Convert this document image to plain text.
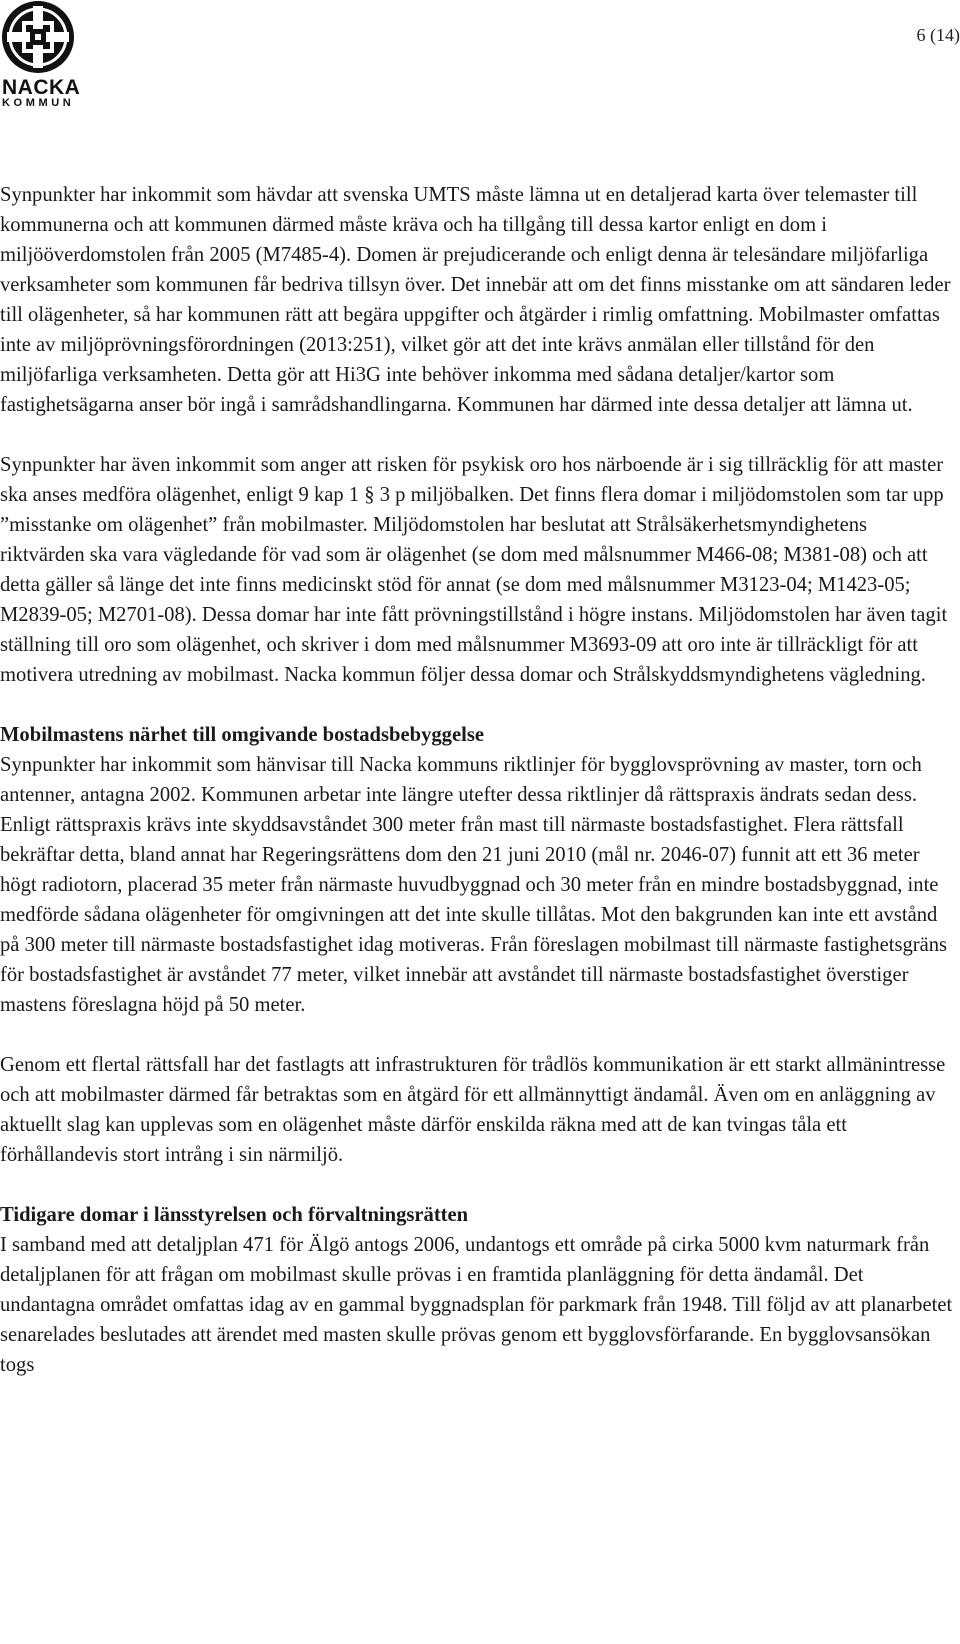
NACKA
KOMMUN
6 (14)

Synpunkter har inkommit som hävdar att svenska UMTS måste lämna ut en detaljerad karta över telemaster till kommunerna och att kommunen därmed måste kräva och ha tillgång till dessa kartor enligt en dom i miljööverdomstolen från 2005 (M7485-4). Domen är prejudicerande och enligt denna är telesändare miljöfarliga verksamheter som kommunen får bedriva tillsyn över. Det innebär att om det finns misstanke om att sändaren leder till olägenheter, så har kommunen rätt att begära uppgifter och åtgärder i rimlig omfattning. Mobilmaster omfattas inte av miljöprövningsförordningen (2013:251), vilket gör att det inte krävs anmälan eller tillstånd för den miljöfarliga verksamheten. Detta gör att Hi3G inte behöver inkomma med sådana detaljer/kartor som fastighetsägarna anser bör ingå i samrådshandlingarna. Kommunen har därmed inte dessa detaljer att lämna ut.

Synpunkter har även inkommit som anger att risken för psykisk oro hos närboende är i sig tillräcklig för att master ska anses medföra olägenhet, enligt 9 kap 1 § 3 p miljöbalken. Det finns flera domar i miljödomstolen som tar upp ”misstanke om olägenhet” från mobilmaster. Miljödomstolen har beslutat att Strålsäkerhetsmyndighetens riktvärden ska vara vägledande för vad som är olägenhet (se dom med målsnummer M466-08; M381-08) och att detta gäller så länge det inte finns medicinskt stöd för annat (se dom med målsnummer M3123-04; M1423-05; M2839-05; M2701-08). Dessa domar har inte fått prövningstillstånd i högre instans. Miljödomstolen har även tagit ställning till oro som olägenhet, och skriver i dom med målsnummer M3693-09 att oro inte är tillräckligt för att motivera utredning av mobilmast. Nacka kommun följer dessa domar och Strålskyddsmyndighetens vägledning.

Mobilmastens närhet till omgivande bostadsbebyggelse

Synpunkter har inkommit som hänvisar till Nacka kommuns riktlinjer för bygglovsprövning av master, torn och antenner, antagna 2002. Kommunen arbetar inte längre utefter dessa riktlinjer då rättspraxis ändrats sedan dess. Enligt rättspraxis krävs inte skyddsavståndet 300 meter från mast till närmaste bostadsfastighet. Flera rättsfall bekräftar detta, bland annat har Regeringsrättens dom den 21 juni 2010 (mål nr. 2046-07) funnit att ett 36 meter högt radiotorn, placerad 35 meter från närmaste huvudbyggnad och 30 meter från en mindre bostadsbyggnad, inte medförde sådana olägenheter för omgivningen att det inte skulle tillåtas. Mot den bakgrunden kan inte ett avstånd på 300 meter till närmaste bostadsfastighet idag motiveras. Från föreslagen mobilmast till närmaste fastighetsgräns för bostadsfastighet är avståndet 77 meter, vilket innebär att avståndet till närmaste bostadsfastighet överstiger mastens föreslagna höjd på 50 meter.

Genom ett flertal rättsfall har det fastlagts att infrastrukturen för trådlös kommunikation är ett starkt allmänintresse och att mobilmaster därmed får betraktas som en åtgärd för ett allmännyttigt ändamål. Även om en anläggning av aktuellt slag kan upplevas som en olägenhet måste därför enskilda räkna med att de kan tvingas tåla ett förhållandevis stort intrång i sin närmiljö.

Tidigare domar i länsstyrelsen och förvaltningsrätten

I samband med att detaljplan 471 för Älgö antogs 2006, undantogs ett område på cirka 5000 kvm naturmark från detaljplanen för att frågan om mobilmast skulle prövas i en framtida planläggning för detta ändamål. Det undantagna området omfattas idag av en gammal byggnadsplan för parkmark från 1948. Till följd av att planarbetet senarelades beslutades att ärendet med masten skulle prövas genom ett bygglovsförfarande. En bygglovsansökan togs
